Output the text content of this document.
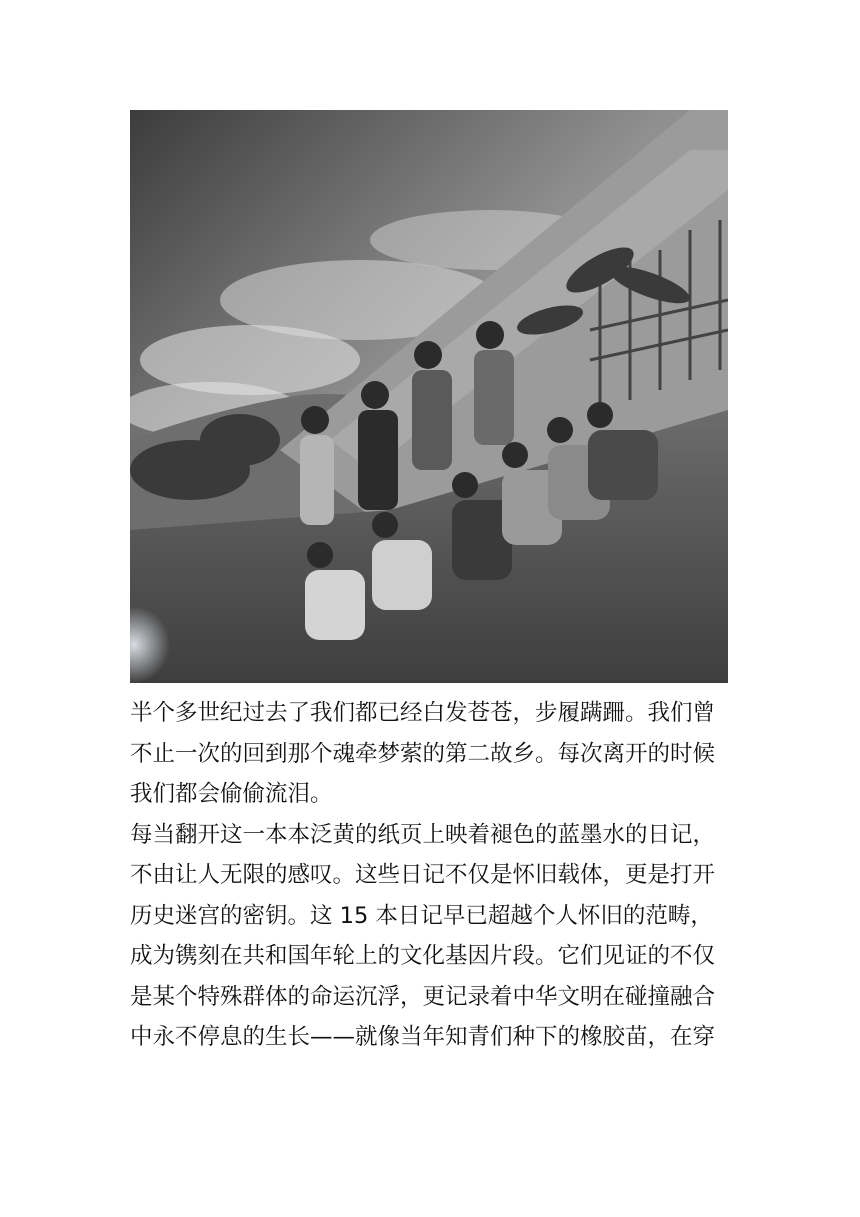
半个多世纪过去了我们都已经白发苍苍，步履蹒跚。我们曾
不止一次的回到那个魂牵梦萦的第二故乡。每次离开的时候
我们都会偷偷流泪。
每当翻开这一本本泛黄的纸页上映着褪色的蓝墨水的日记，
不由让人无限的感叹。这些日记不仅是怀旧载体，更是打开
历史迷宫的密钥。这 15 本日记早已超越个人怀旧的范畴，
成为镌刻在共和国年轮上的文化基因片段。它们见证的不仅
是某个特殊群体的命运沉浮，更记录着中华文明在碰撞融合
中永不停息的生长——就像当年知青们种下的橡胶苗，在穿
